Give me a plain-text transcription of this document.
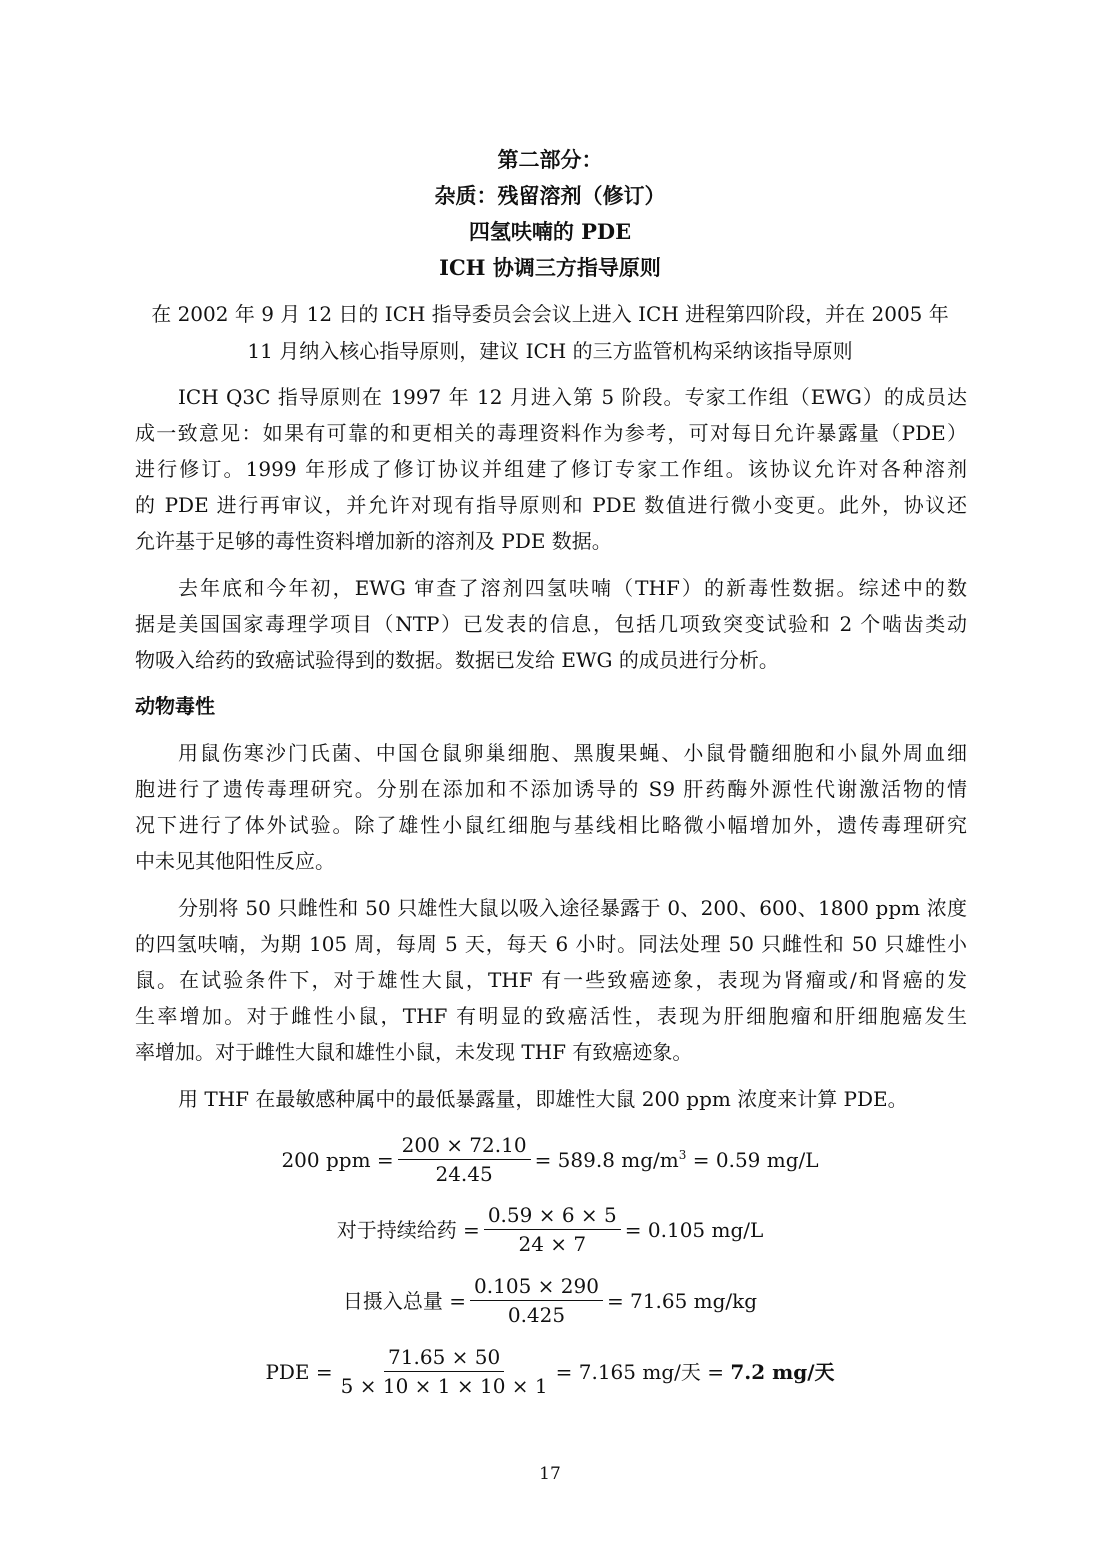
第二部分：
杂质：残留溶剂（修订）
四氢呋喃的 PDE
ICH 协调三方指导原则
在 2002 年 9 月 12 日的 ICH 指导委员会会议上进入 ICH 进程第四阶段，并在 2005 年
11 月纳入核心指导原则，建议 ICH 的三方监管机构采纳该指导原则
ICH Q3C 指导原则在 1997 年 12 月进入第 5 阶段。专家工作组（EWG）的成员达
成一致意见：如果有可靠的和更相关的毒理资料作为参考，可对每日允许暴露量（PDE）
进行修订。1999 年形成了修订协议并组建了修订专家工作组。该协议允许对各种溶剂
的 PDE 进行再审议，并允许对现有指导原则和 PDE 数值进行微小变更。此外，协议还
允许基于足够的毒性资料增加新的溶剂及 PDE 数据。
去年底和今年初，EWG 审查了溶剂四氢呋喃（THF）的新毒性数据。综述中的数
据是美国国家毒理学项目（NTP）已发表的信息，包括几项致突变试验和 2 个啮齿类动
物吸入给药的致癌试验得到的数据。数据已发给 EWG 的成员进行分析。
动物毒性
用鼠伤寒沙门氏菌、中国仓鼠卵巢细胞、黑腹果蝇、小鼠骨髓细胞和小鼠外周血细
胞进行了遗传毒理研究。分别在添加和不添加诱导的 S9 肝药酶外源性代谢激活物的情
况下进行了体外试验。除了雄性小鼠红细胞与基线相比略微小幅增加外，遗传毒理研究
中未见其他阳性反应。
分别将 50 只雌性和 50 只雄性大鼠以吸入途径暴露于 0、200、600、1800 ppm 浓度
的四氢呋喃，为期 105 周，每周 5 天，每天 6 小时。同法处理 50 只雌性和 50 只雄性小
鼠。在试验条件下，对于雄性大鼠，THF 有一些致癌迹象，表现为肾瘤或/和肾癌的发
生率增加。对于雌性小鼠，THF 有明显的致癌活性，表现为肝细胞瘤和肝细胞癌发生
率增加。对于雌性大鼠和雄性小鼠，未发现 THF 有致癌迹象。
用 THF 在最敏感种属中的最低暴露量，即雄性大鼠 200 ppm 浓度来计算 PDE。
200 ppm = $\frac{200 \times 72.10}{24.45} = 589.8$ $mg/m^3 = 0.59$ mg/L
对于持续给药 = $\frac{0.59 \times 6 \times 5}{24 \times 7} = 0.105$ mg/L
日摄入总量 = $\frac{0.105 \times 290}{0.425} = 71.65$ mg/kg
PDE = $\frac{71.65 \times 50}{5 \times 10 \times 1 \times 10 \times 1} = 7.165$ mg/天 = 7.2 mg/天
17
